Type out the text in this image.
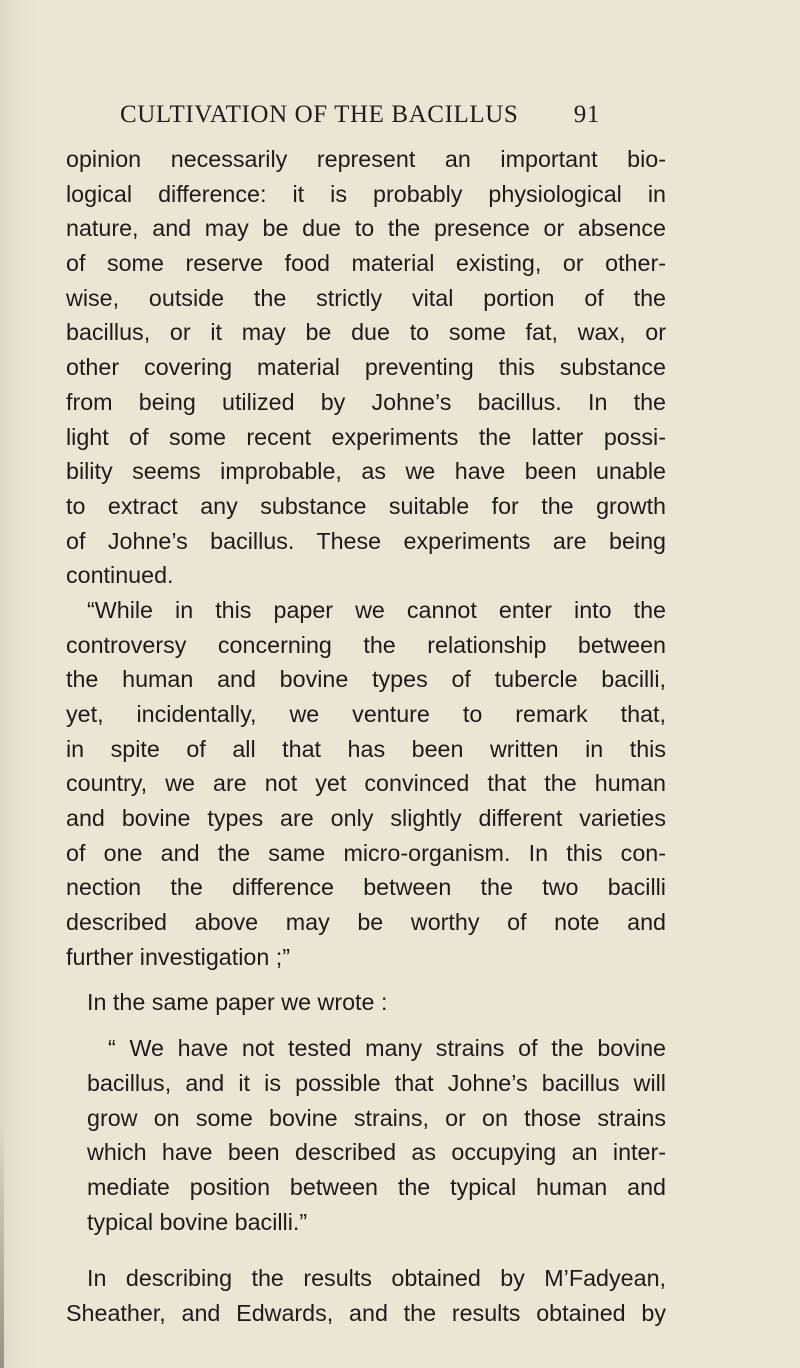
CULTIVATION OF THE BACILLUS 91
opinion necessarily represent an important bio-
logical difference: it is probably physiological in
nature, and may be due to the presence or absence
of some reserve food material existing, or other-
wise, outside the strictly vital portion of the
bacillus, or it may be due to some fat, wax, or
other covering material preventing this substance
from being utilized by Johne’s bacillus. In the
light of some recent experiments the latter possi-
bility seems improbable, as we have been unable
to extract any substance suitable for the growth
of Johne’s bacillus. These experiments are being
continued.
“While in this paper we cannot enter into the
controversy concerning the relationship between
the human and bovine types of tubercle bacilli,
yet, incidentally, we venture to remark that,
in spite of all that has been written in this
country, we are not yet convinced that the human
and bovine types are only slightly different varieties
of one and the same micro-organism. In this con-
nection the difference between the two bacilli
described above may be worthy of note and
further investigation ;”
In the same paper we wrote :
“ We have not tested many strains of the bovine
bacillus, and it is possible that Johne’s bacillus will
grow on some bovine strains, or on those strains
which have been described as occupying an inter-
mediate position between the typical human and
typical bovine bacilli.”
In describing the results obtained by M’Fadyean,
Sheather, and Edwards, and the results obtained by
